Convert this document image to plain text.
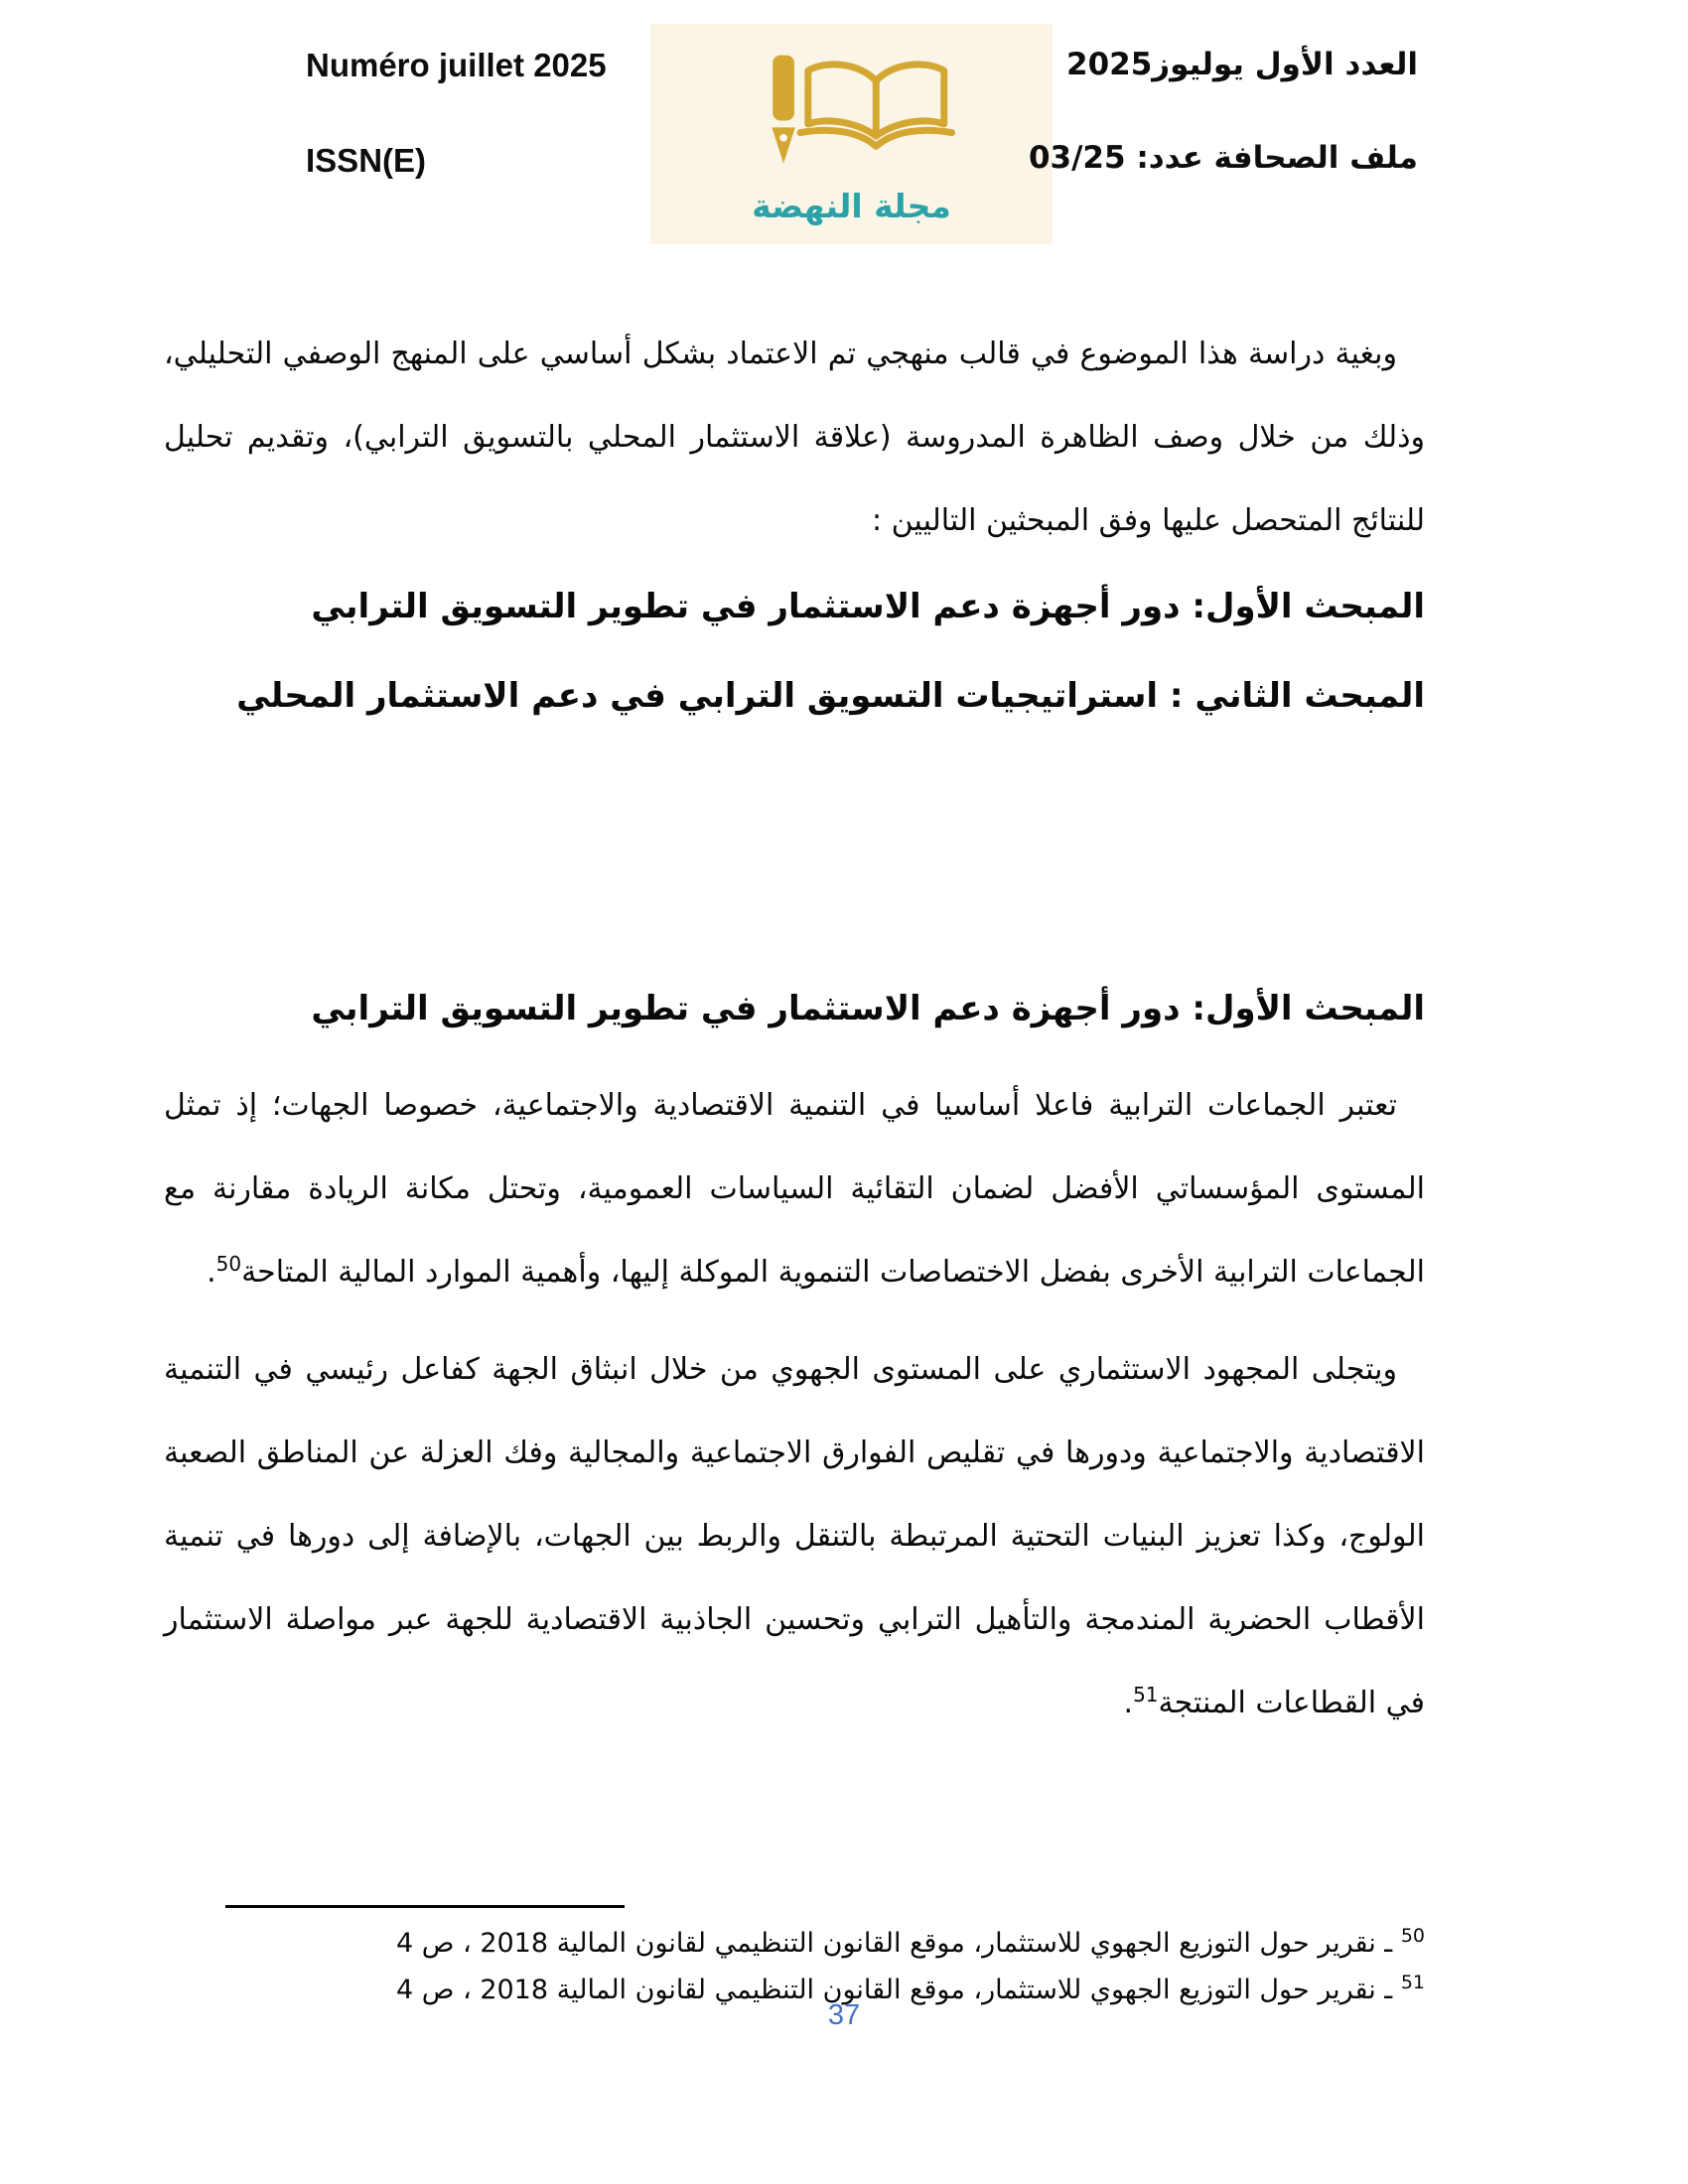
Numéro juillet 2025
ISSN(E)
مجلة النهضة
العدد الأول يوليوز2025
ملف الصحافة عدد: 03/25

وبغية دراسة هذا الموضوع في قالب منهجي تم الاعتماد بشكل أساسي على المنهج الوصفي التحليلي، وذلك من خلال وصف الظاهرة المدروسة (علاقة الاستثمار المحلي بالتسويق الترابي)، وتقديم تحليل للنتائج المتحصل عليها وفق المبحثين التاليين :

المبحث الأول: دور أجهزة دعم الاستثمار في تطوير التسويق الترابي

المبحث الثاني : استراتيجيات التسويق الترابي في دعم الاستثمار المحلي

المبحث الأول: دور أجهزة دعم الاستثمار في تطوير التسويق الترابي

تعتبر الجماعات الترابية فاعلا أساسيا في التنمية الاقتصادية والاجتماعية، خصوصا الجهات؛ إذ تمثل المستوى المؤسساتي الأفضل لضمان التقائية السياسات العمومية، وتحتل مكانة الريادة مقارنة مع الجماعات الترابية الأخرى بفضل الاختصاصات التنموية الموكلة إليها، وأهمية الموارد المالية المتاحة$^{50}$.

ويتجلى المجهود الاستثماري على المستوى الجهوي من خلال انبثاق الجهة كفاعل رئيسي في التنمية الاقتصادية والاجتماعية ودورها في تقليص الفوارق الاجتماعية والمجالية وفك العزلة عن المناطق الصعبة الولوج، وكذا تعزيز البنيات التحتية المرتبطة بالتنقل والربط بين الجهات، بالإضافة إلى دورها في تنمية الأقطاب الحضرية المندمجة والتأهيل الترابي وتحسين الجاذبية الاقتصادية للجهة عبر مواصلة الاستثمار في القطاعات المنتجة$^{51}$.

$^{50}$ ـ نقرير حول التوزيع الجهوي للاستثمار، موقع القانون التنظيمي لقانون المالية 2018 ، ص 4
$^{51}$ ـ نقرير حول التوزيع الجهوي للاستثمار، موقع القانون التنظيمي لقانون المالية 2018 ، ص 4
37
